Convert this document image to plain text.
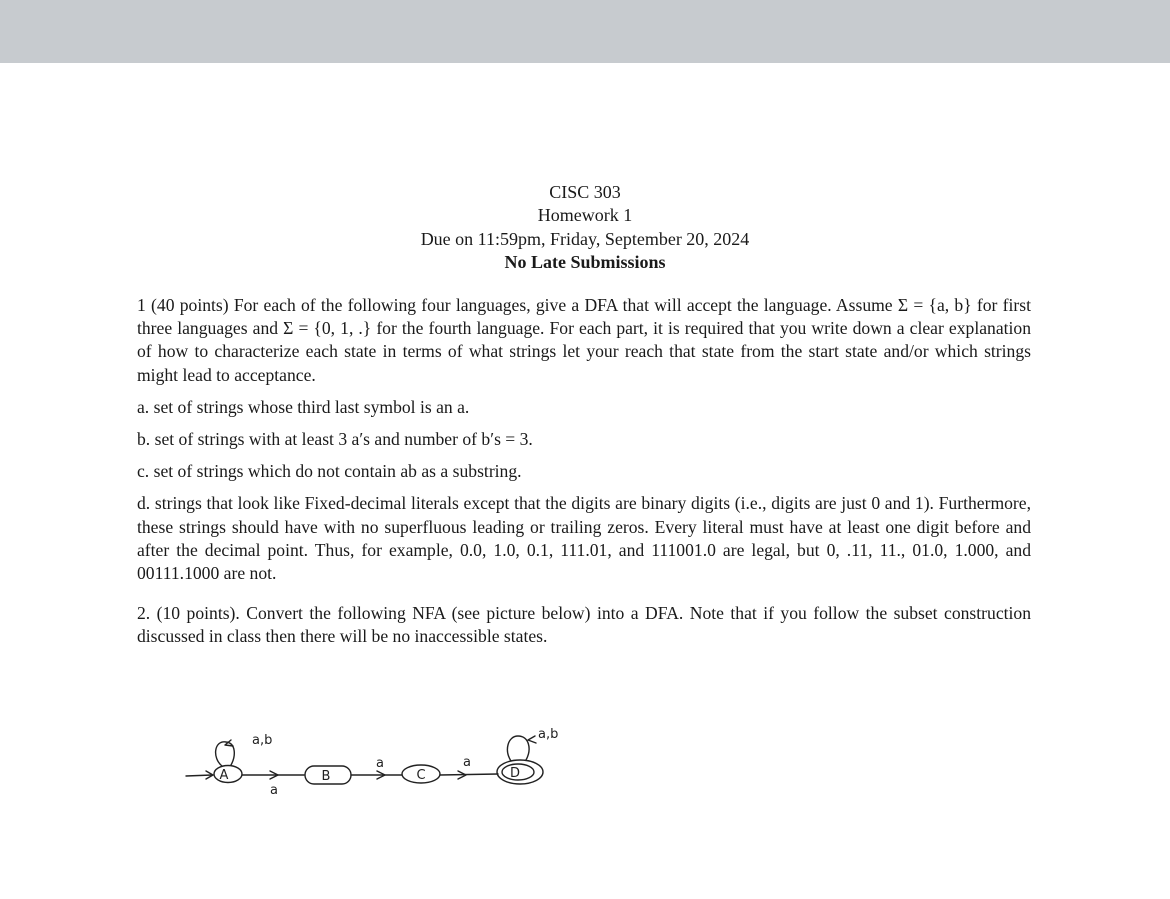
CISC 303
Homework 1
Due on 11:59pm, Friday, September 20, 2024
No Late Submissions

1 (40 points) For each of the following four languages, give a DFA that will accept the language. Assume Σ = {a, b} for first three languages and Σ = {0, 1, .} for the fourth language. For each part, it is required that you write down a clear explanation of how to characterize each state in terms of what strings let your reach that state from the start state and/or which strings might lead to acceptance.

a. set of strings whose third last symbol is an a.

b. set of strings with at least 3 a′s and number of b′s = 3.

c. set of strings which do not contain ab as a substring.

d. strings that look like Fixed-decimal literals except that the digits are binary digits (i.e., digits are just 0 and 1). Furthermore, these strings should have with no superfluous leading or trailing zeros. Every literal must have at least one digit before and after the decimal point. Thus, for example, 0.0, 1.0, 0.1, 111.01, and 111001.0 are legal, but 0, .11, 11., 01.0, 1.000, and 00111.1000 are not.

2. (10 points). Convert the following NFA (see picture below) into a DFA. Note that if you follow the subset construction discussed in class then there will be no inaccessible states.

A	B	C	D
a,b
a
a	a
a,b
